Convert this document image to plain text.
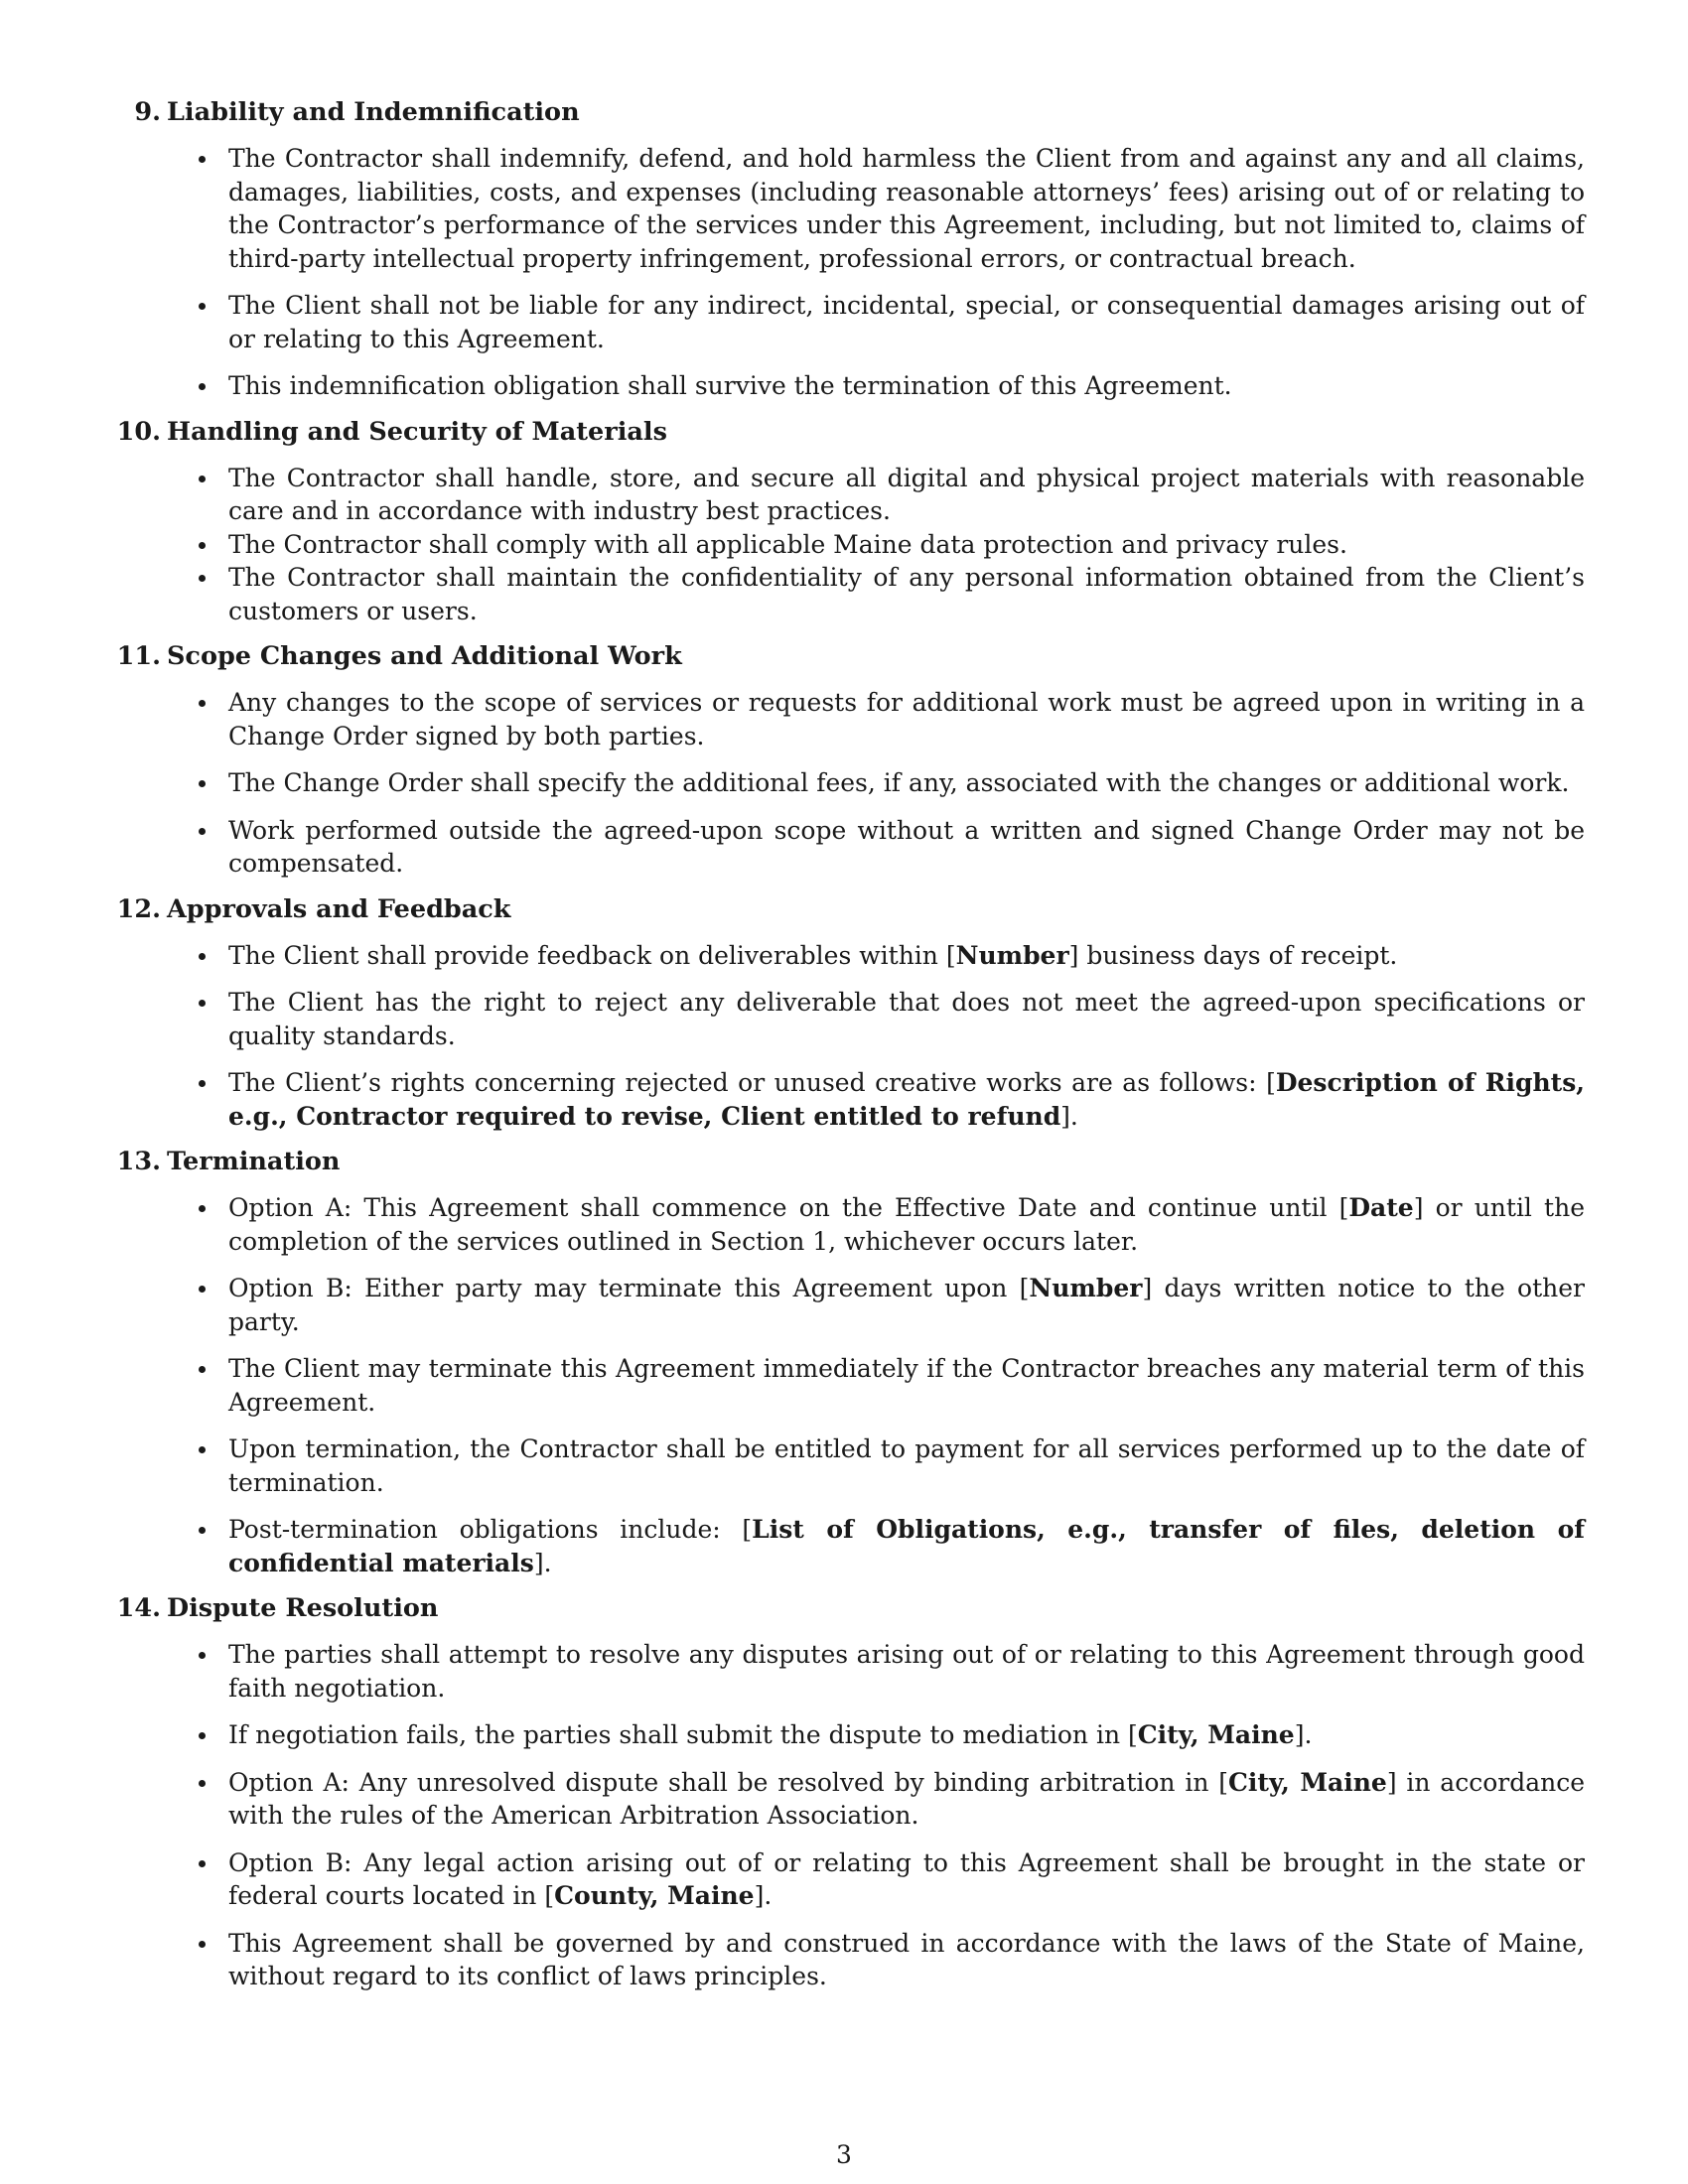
9. Liability and Indemnification
The Contractor shall indemnify, defend, and hold harmless the Client from and against any and all claims, damages, liabilities, costs, and expenses (including reasonable attorneys’ fees) arising out of or relating to the Contractor’s performance of the services under this Agreement, including, but not limited to, claims of third-party intellectual property infringement, professional errors, or contractual breach.
The Client shall not be liable for any indirect, incidental, special, or consequential damages arising out of or relating to this Agreement.
This indemnification obligation shall survive the termination of this Agreement.
10. Handling and Security of Materials
The Contractor shall handle, store, and secure all digital and physical project materials with reasonable care and in accordance with industry best practices.
The Contractor shall comply with all applicable Maine data protection and privacy rules.
The Contractor shall maintain the confidentiality of any personal information obtained from the Client’s customers or users.
11. Scope Changes and Additional Work
Any changes to the scope of services or requests for additional work must be agreed upon in writing in a Change Order signed by both parties.
The Change Order shall specify the additional fees, if any, associated with the changes or additional work.
Work performed outside the agreed-upon scope without a written and signed Change Order may not be compensated.
12. Approvals and Feedback
The Client shall provide feedback on deliverables within [Number] business days of receipt.
The Client has the right to reject any deliverable that does not meet the agreed-upon specifications or quality standards.
The Client’s rights concerning rejected or unused creative works are as follows: [Description of Rights, e.g., Contractor required to revise, Client entitled to refund].
13. Termination
Option A: This Agreement shall commence on the Effective Date and continue until [Date] or until the completion of the services outlined in Section 1, whichever occurs later.
Option B: Either party may terminate this Agreement upon [Number] days written notice to the other party.
The Client may terminate this Agreement immediately if the Contractor breaches any material term of this Agreement.
Upon termination, the Contractor shall be entitled to payment for all services performed up to the date of termination.
Post-termination obligations include: [List of Obligations, e.g., transfer of files, deletion of confidential materials].
14. Dispute Resolution
The parties shall attempt to resolve any disputes arising out of or relating to this Agreement through good faith negotiation.
If negotiation fails, the parties shall submit the dispute to mediation in [City, Maine].
Option A: Any unresolved dispute shall be resolved by binding arbitration in [City, Maine] in accordance with the rules of the American Arbitration Association.
Option B: Any legal action arising out of or relating to this Agreement shall be brought in the state or federal courts located in [County, Maine].
This Agreement shall be governed by and construed in accordance with the laws of the State of Maine, without regard to its conflict of laws principles.
3
